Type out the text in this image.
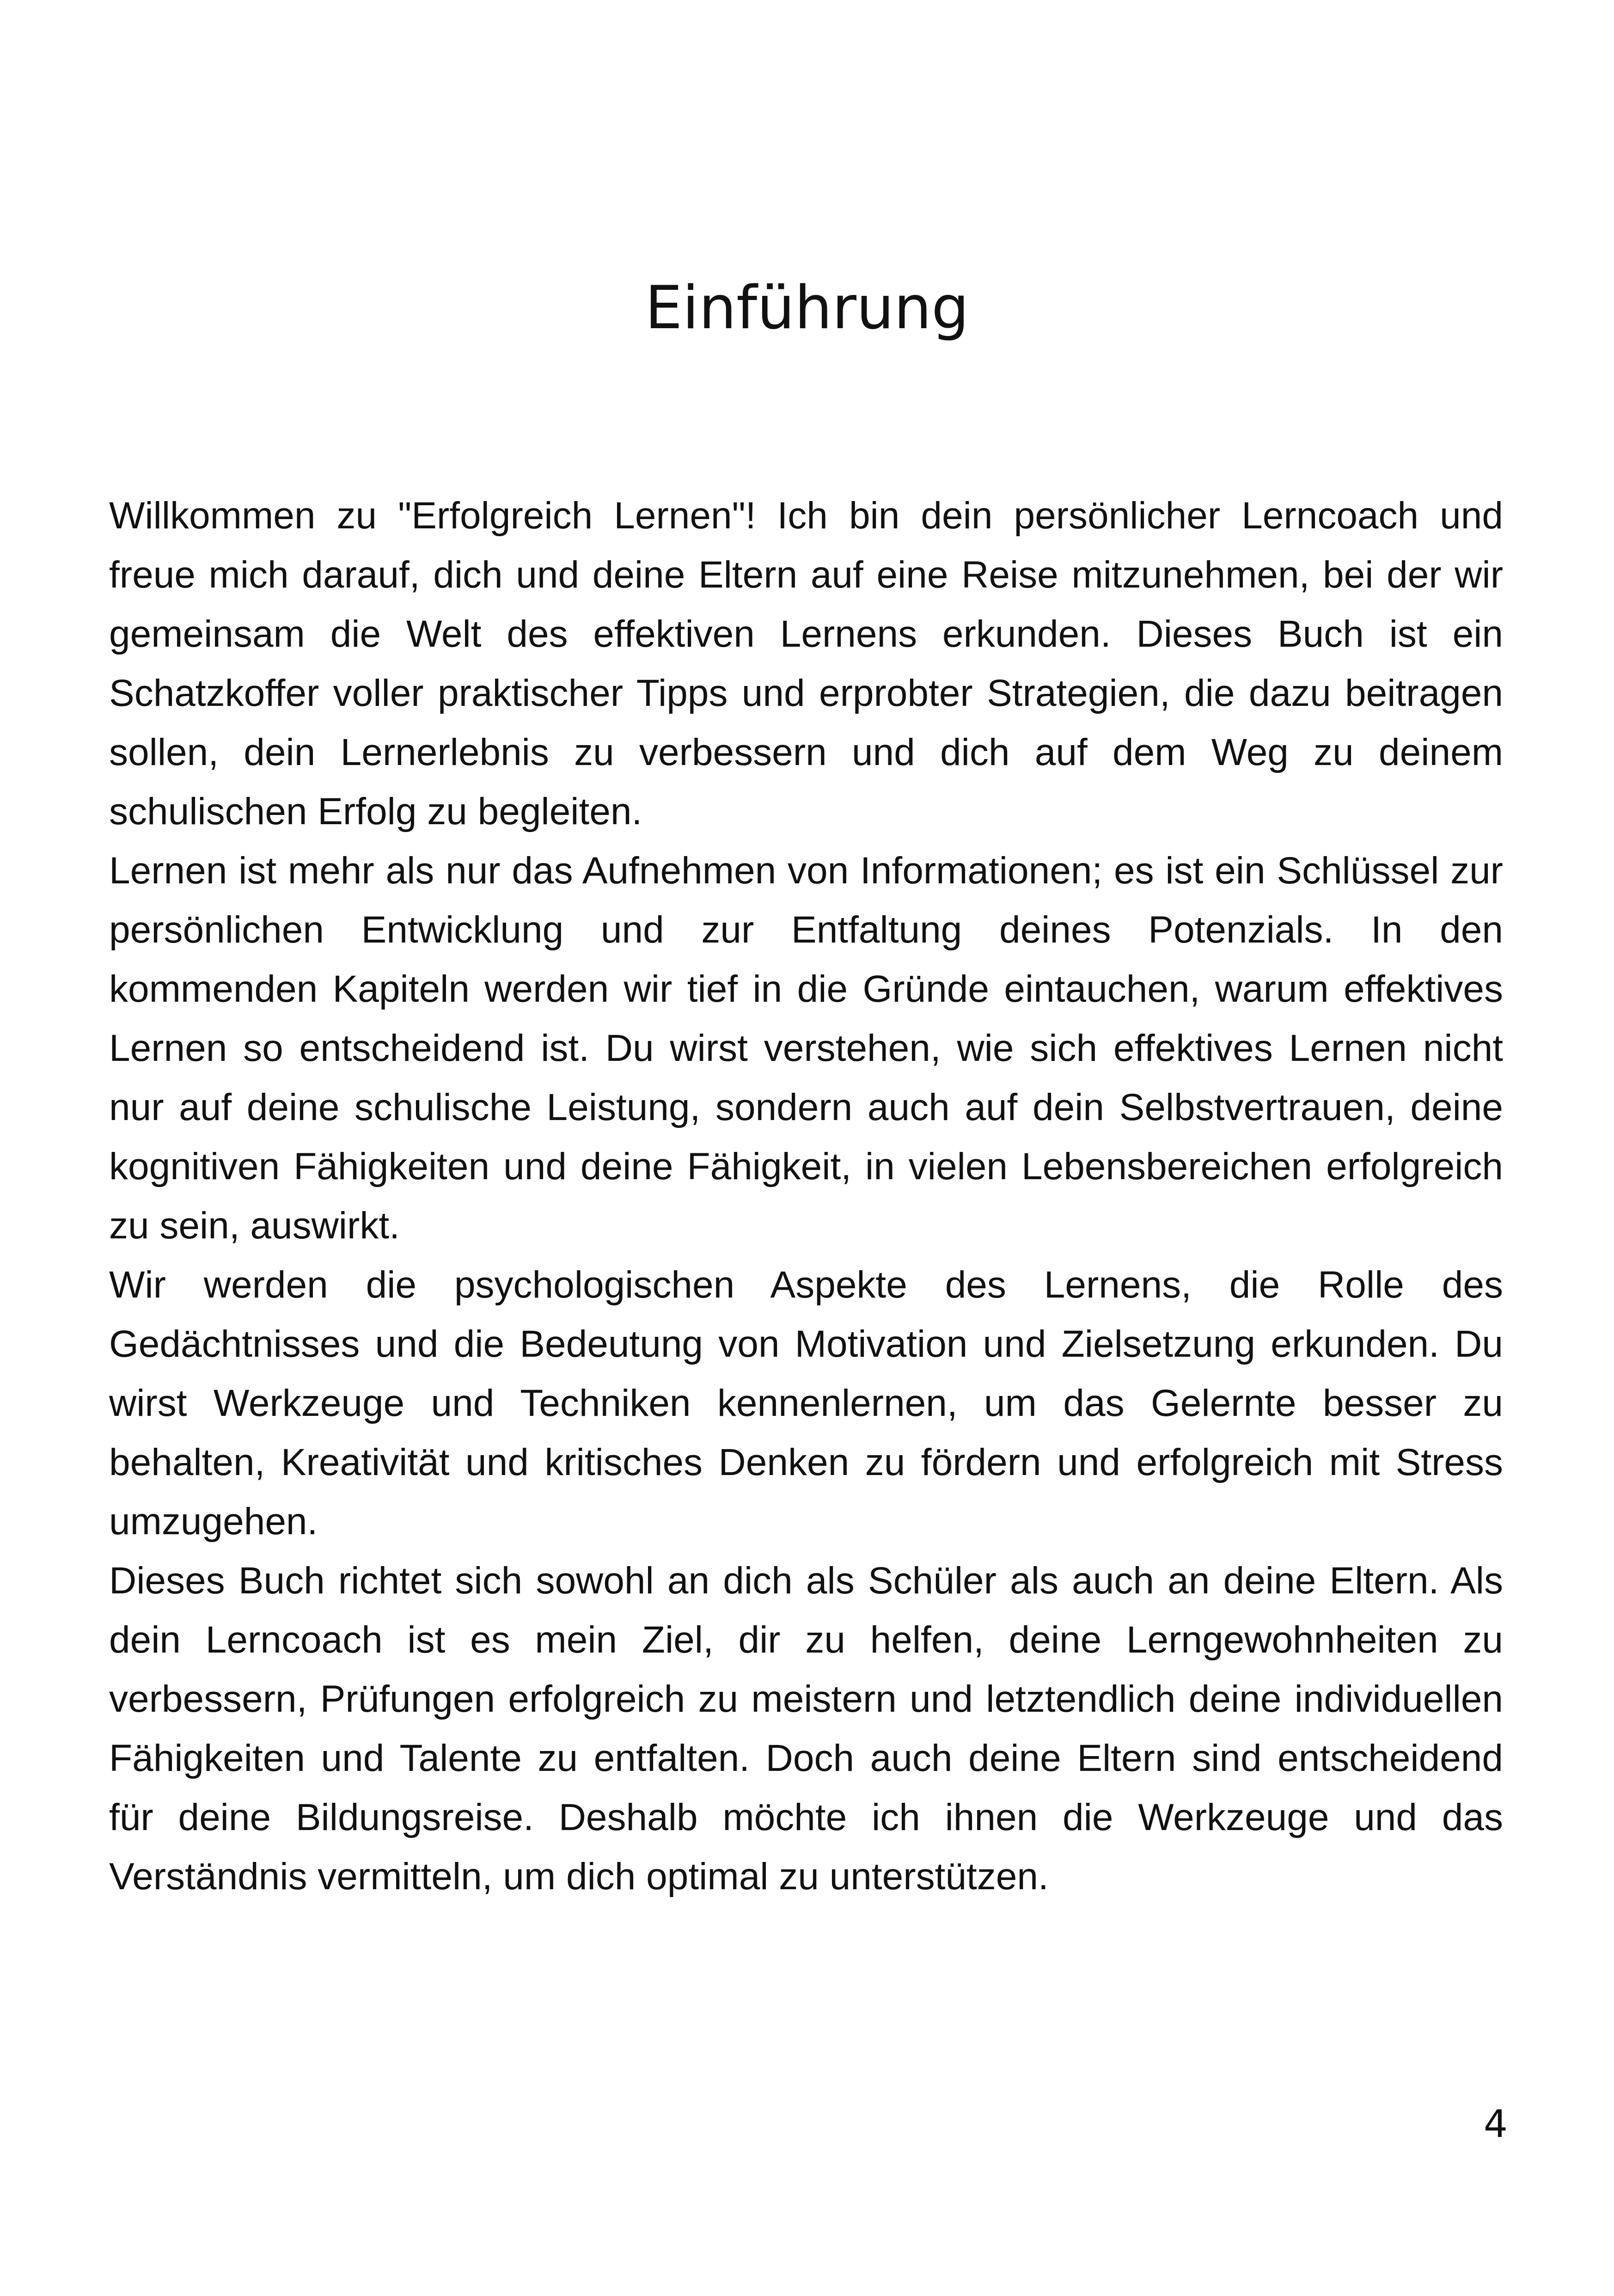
Einführung

Willkommen zu "Erfolgreich Lernen"! Ich bin dein persönlicher Lerncoach und freue mich darauf, dich und deine Eltern auf eine Reise mitzunehmen, bei der wir gemeinsam die Welt des effektiven Lernens erkunden. Dieses Buch ist ein Schatzkoffer voller praktischer Tipps und erprobter Strategien, die dazu beitragen sollen, dein Lernerlebnis zu verbessern und dich auf dem Weg zu deinem schulischen Erfolg zu begleiten.

Lernen ist mehr als nur das Aufnehmen von Informationen; es ist ein Schlüssel zur persönlichen Entwicklung und zur Entfaltung deines Potenzials. In den kommenden Kapiteln werden wir tief in die Gründe eintauchen, warum effektives Lernen so entscheidend ist. Du wirst verstehen, wie sich effektives Lernen nicht nur auf deine schulische Leistung, sondern auch auf dein Selbstvertrauen, deine kognitiven Fähigkeiten und deine Fähigkeit, in vielen Lebensbereichen erfolgreich zu sein, auswirkt.

Wir werden die psychologischen Aspekte des Lernens, die Rolle des Gedächtnisses und die Bedeutung von Motivation und Zielsetzung erkunden. Du wirst Werkzeuge und Techniken kennenlernen, um das Gelernte besser zu behalten, Kreativität und kritisches Denken zu fördern und erfolgreich mit Stress umzugehen.

Dieses Buch richtet sich sowohl an dich als Schüler als auch an deine Eltern. Als dein Lerncoach ist es mein Ziel, dir zu helfen, deine Lerngewohnheiten zu verbessern, Prüfungen erfolgreich zu meistern und letztendlich deine individuellen Fähigkeiten und Talente zu entfalten. Doch auch deine Eltern sind entscheidend für deine Bildungsreise. Deshalb möchte ich ihnen die Werkzeuge und das Verständnis vermitteln, um dich optimal zu unterstützen.

4
